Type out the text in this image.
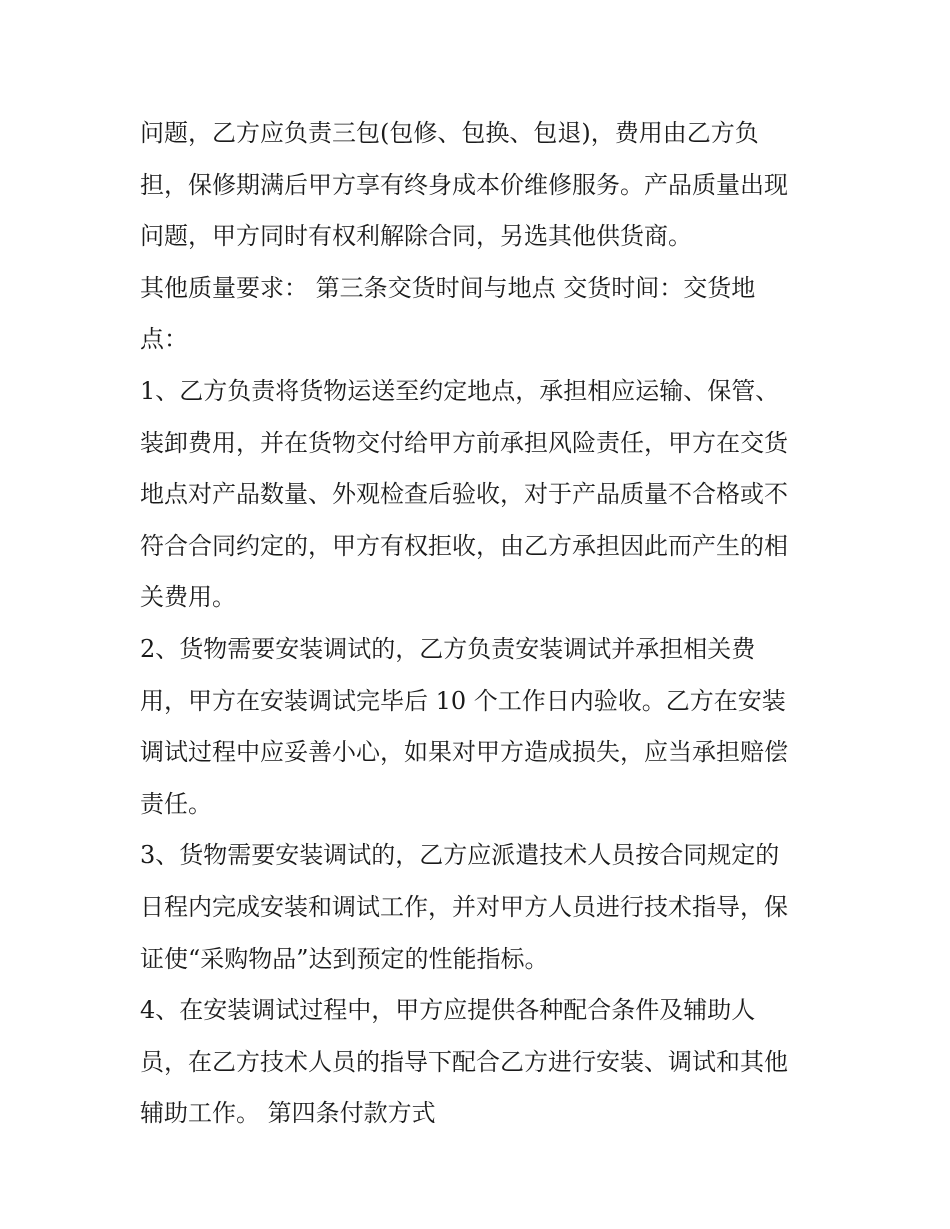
问题，乙方应负责三包(包修、包换、包退)，费用由乙方负
担，保修期满后甲方享有终身成本价维修服务。产品质量出现
问题，甲方同时有权利解除合同，另选其他供货商。
其他质量要求： 第三条交货时间与地点 交货时间：交货地
点：
1、乙方负责将货物运送至约定地点，承担相应运输、保管、
装卸费用，并在货物交付给甲方前承担风险责任，甲方在交货
地点对产品数量、外观检查后验收，对于产品质量不合格或不
符合合同约定的，甲方有权拒收，由乙方承担因此而产生的相
关费用。
2、货物需要安装调试的，乙方负责安装调试并承担相关费
用，甲方在安装调试完毕后 10 个工作日内验收。乙方在安装
调试过程中应妥善小心，如果对甲方造成损失，应当承担赔偿
责任。
3、货物需要安装调试的，乙方应派遣技术人员按合同规定的
日程内完成安装和调试工作，并对甲方人员进行技术指导，保
证使“采购物品”达到预定的性能指标。
4、在安装调试过程中，甲方应提供各种配合条件及辅助人
员，在乙方技术人员的指导下配合乙方进行安装、调试和其他
辅助工作。 第四条付款方式
